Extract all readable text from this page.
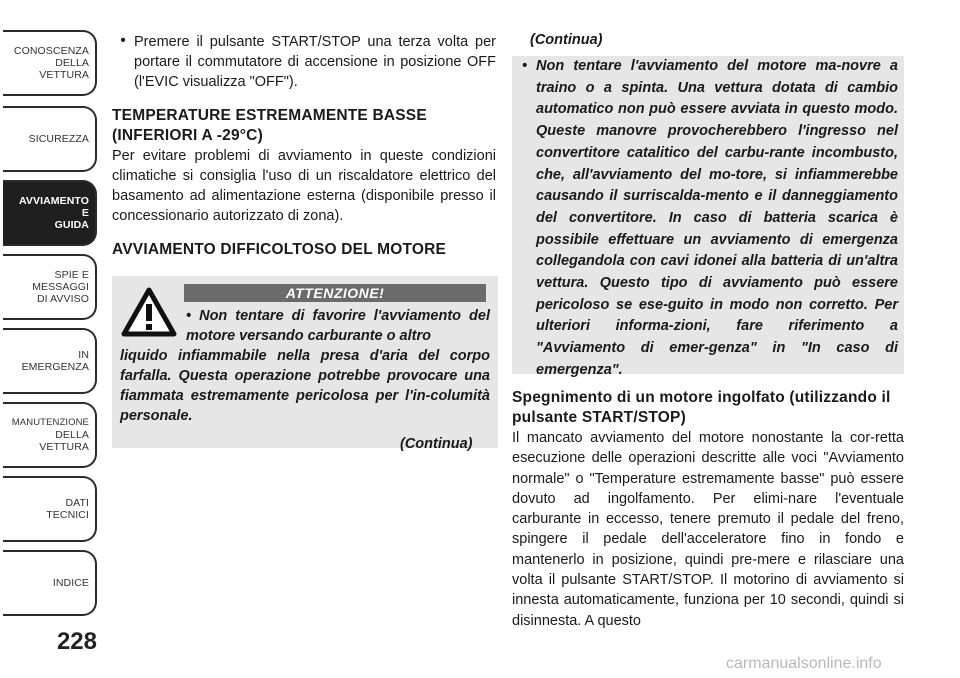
CONOSCENZA
DELLA
VETTURA
SICUREZZA
AVVIAMENTO
E
GUIDA
SPIE E
MESSAGGI
DI AVVISO
IN
EMERGENZA
MANUTENZIONE
DELLA
VETTURA
DATI
TECNICI
INDICE
228
• Premere il pulsante START/STOP una terza volta per portare il commutatore di accensione in posizione OFF (l'EVIC visualizza "OFF").

TEMPERATURE ESTREMAMENTE BASSE (INFERIORI A -29°C)

Per evitare problemi di avviamento in queste condizioni climatiche si consiglia l'uso di un riscaldatore elettrico del basamento ad alimentazione esterna (disponibile presso il concessionario autorizzato di zona).

AVVIAMENTO DIFFICOLTOSO DEL MOTORE
ATTENZIONE!
• Non tentare di favorire l'avviamento del motore versando carburante o altro
liquido infiammabile nella presa d'aria del corpo farfalla. Questa operazione potrebbe provocare una fiammata estremamente pericolosa per l'in-columità personale.
(Continua)
(Continua)
• Non tentare l'avviamento del motore ma-novre a traino o a spinta. Una vettura dotata di cambio automatico non può essere avviata in questo modo. Queste manovre provocherebbero l'ingresso nel convertitore catalitico del carbu-rante incombusto, che, all'avviamento del mo-tore, si infiammerebbe causando il surriscalda-mento e il danneggiamento del convertitore. In caso di batteria scarica è possibile effettuare un avviamento di emergenza collegandola con cavi idonei alla batteria di un'altra vettura. Questo tipo di avviamento può essere pericoloso se ese-guito in modo non corretto. Per ulteriori informa-zioni, fare riferimento a "Avviamento di emer-genza" in "In caso di emergenza".
Spegnimento di un motore ingolfato (utilizzando il pulsante START/STOP)

Il mancato avviamento del motore nonostante la cor-retta esecuzione delle operazioni descritte alle voci "Avviamento normale" o "Temperature estremamente basse" può essere dovuto ad ingolfamento. Per elimi-nare l'eventuale carburante in eccesso, tenere premuto il pedale del freno, spingere il pedale dell'acceleratore fino in fondo e mantenerlo in posizione, quindi pre-mere e rilasciare una volta il pulsante START/STOP. Il motorino di avviamento si innesta automaticamente, funziona per 10 secondi, quindi si disinnesta. A questo

carmanualsonline.info
